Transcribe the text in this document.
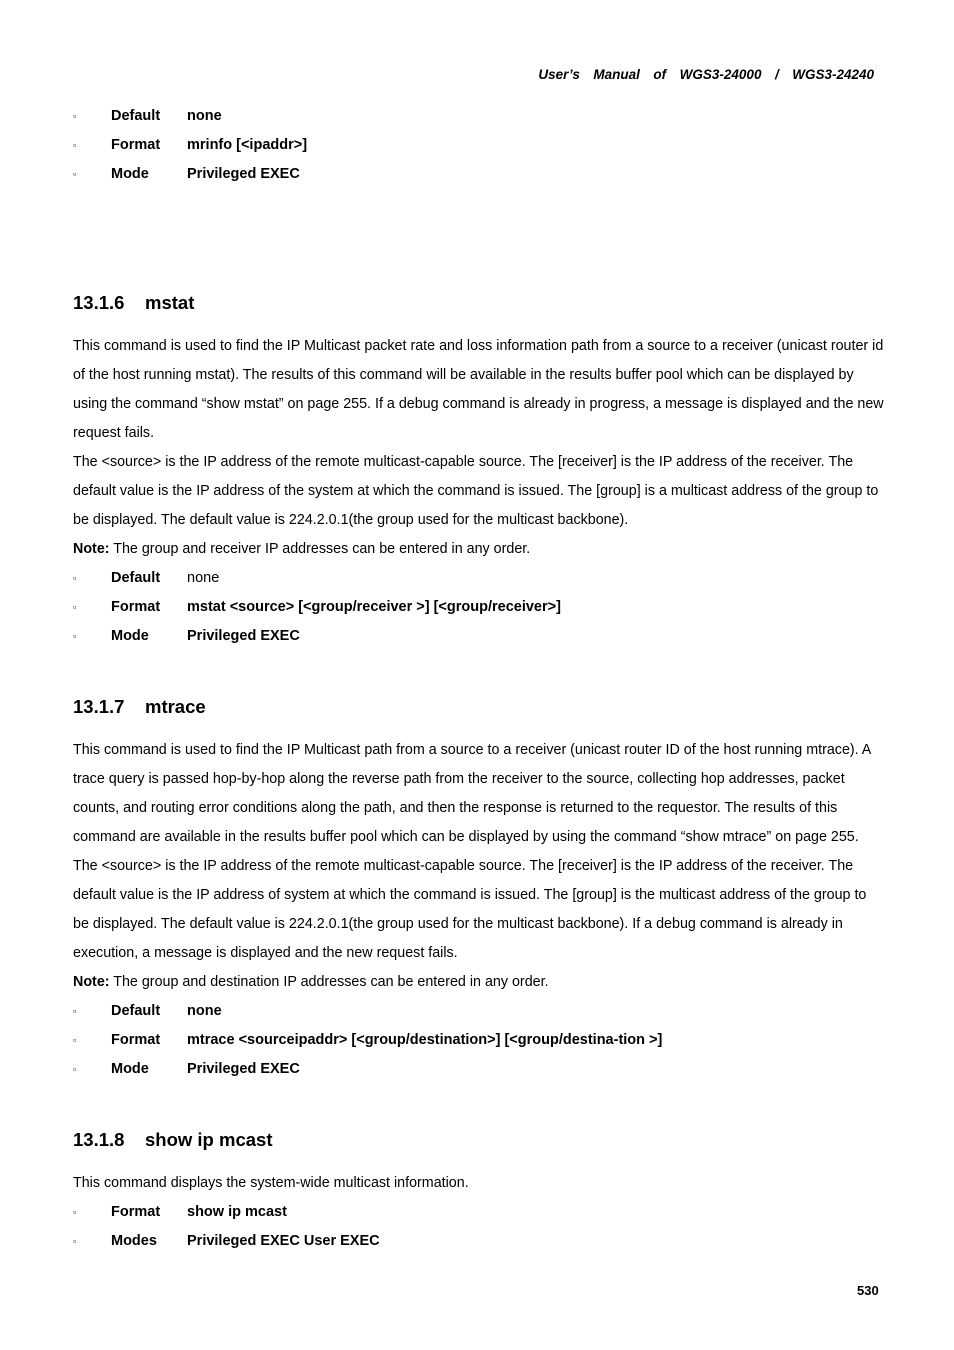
User’s  Manual  of  WGS3-24000  /  WGS3-24240
▫ Default none
▫ Format mrinfo [<ipaddr>]
▫ Mode	Privileged EXEC
13.1.6 mstat

This command is used to find the IP Multicast packet rate and loss information path from a source to a receiver (unicast router id of the host running mstat). The results of this command will be available in the results buffer pool which can be displayed by using the command “show mstat” on page 255. If a debug command is already in progress, a message is displayed and the new request fails.

The <source> is the IP address of the remote multicast-capable source. The [receiver] is the IP address of the receiver. The default value is the IP address of the system at which the command is issued. The [group] is a multicast address of the group to be displayed. The default value is 224.2.0.1(the group used for the multicast backbone).

Note: The group and receiver IP addresses can be entered in any order.

▫ Default none
▫ Format mstat <source> [<group/receiver >] [<group/receiver>]
▫ Mode	Privileged EXEC
13.1.7 mtrace

This command is used to find the IP Multicast path from a source to a receiver (unicast router ID of the host running mtrace). A trace query is passed hop-by-hop along the reverse path from the receiver to the source, collecting hop addresses, packet counts, and routing error conditions along the path, and then the response is returned to the requestor. The results of this command are available in the results buffer pool which can be displayed by using the command “show mtrace” on page 255.

The <source> is the IP address of the remote multicast-capable source. The [receiver] is the IP address of the receiver. The default value is the IP address of system at which the command is issued. The [group] is the multicast address of the group to be displayed. The default value is 224.2.0.1(the group used for the multicast backbone). If a debug command is already in execution, a message is displayed and the new request fails.

Note: The group and destination IP addresses can be entered in any order.

▫ Default none
▫ Format mtrace <sourceipaddr> [<group/destination>] [<group/destina-tion >]
▫ Mode	Privileged EXEC
13.1.8 show ip mcast

This command displays the system-wide multicast information.

▫ Format show ip mcast
▫ Modes Privileged EXEC User EXEC
530
